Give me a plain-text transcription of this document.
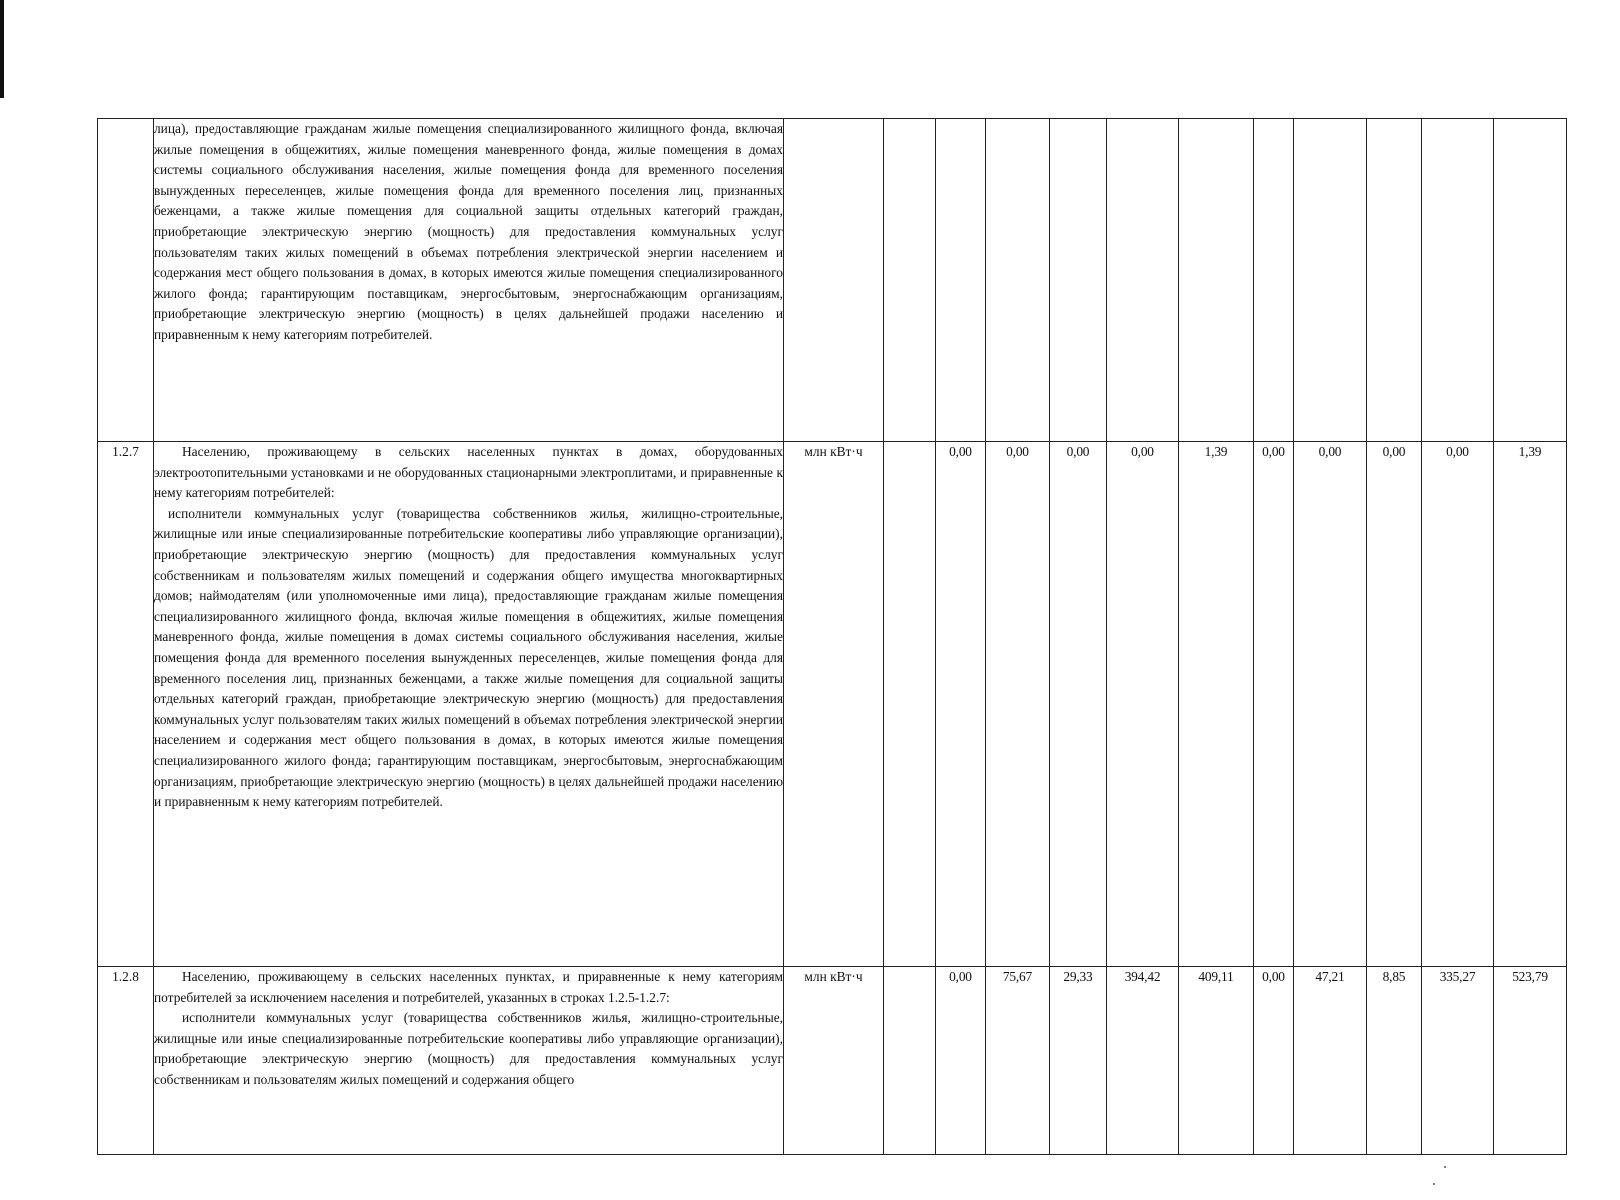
	лица), предоставляющие гражданам жилые помещения специализированного жилищного фонда, включая жилые помещения в общежитиях, жилые помещения маневренного фонда, жилые помещения в домах системы социального обслуживания населения, жилые помещения фонда для временного поселения вынужденных переселенцев, жилые помещения фонда для временного поселения лиц, признанных беженцами, а также жилые помещения для социальной защиты отдельных категорий граждан, приобретающие электрическую энергию (мощность) для предоставления коммунальных услуг пользователям таких жилых помещений в объемах потребления электрической энергии населением и содержания мест общего пользования в домах, в которых имеются жилые помещения специализированного жилого фонда; гарантирующим поставщикам, энергосбытовым, энергоснабжающим организациям, приобретающие электрическую энергию (мощность) в целях дальнейшей продажи населению и приравненным к нему категориям потребителей.												

1.2.7	Населению, проживающему в сельских населенных пунктах в домах, оборудованных электроотопительными установками и не оборудованных стационарными электроплитами, и приравненные к нему категориям потребителей:

исполнители коммунальных услуг (товарищества собственников жилья, жилищно-строительные, жилищные или иные специализированные потребительские кооперативы либо управляющие организации), приобретающие электрическую энергию (мощность) для предоставления коммунальных услуг собственникам и пользователям жилых помещений и содержания общего имущества многоквартирных домов; наймодателям (или уполномоченные ими лица), предоставляющие гражданам жилые помещения специализированного жилищного фонда, включая жилые помещения в общежитиях, жилые помещения маневренного фонда, жилые помещения в домах системы социального обслуживания населения, жилые помещения фонда для временного поселения вынужденных переселенцев, жилые помещения фонда для временного поселения лиц, признанных беженцами, а также жилые помещения для социальной защиты отдельных категорий граждан, приобретающие электрическую энергию (мощность) для предоставления коммунальных услуг пользователям таких жилых помещений в объемах потребления электрической энергии населением и содержания мест общего пользования в домах, в которых имеются жилые помещения специализированного жилого фонда; гарантирующим поставщикам, энергосбытовым, энергоснабжающим организациям, приобретающие электрическую энергию (мощность) в целях дальнейшей продажи населению и приравненным к нему категориям потребителей.	млн кВт·ч		0,00	0,00	0,00	0,00	1,39	0,00	0,00	0,00	0,00	1,39
1.2.8	Населению, проживающему в сельских населенных пунктах, и приравненные к нему категориям потребителей за исключением населения и потребителей, указанных в строках 1.2.5-1.2.7:

исполнители коммунальных услуг (товарищества собственников жилья, жилищно-строительные, жилищные или иные специализированные потребительские кооперативы либо управляющие организации), приобретающие электрическую энергию (мощность) для предоставления коммунальных услуг собственникам и пользователям жилых помещений и содержания общего	млн кВт·ч		0,00	75,67	29,33	394,42	409,11	0,00	47,21	8,85	335,27	523,79
